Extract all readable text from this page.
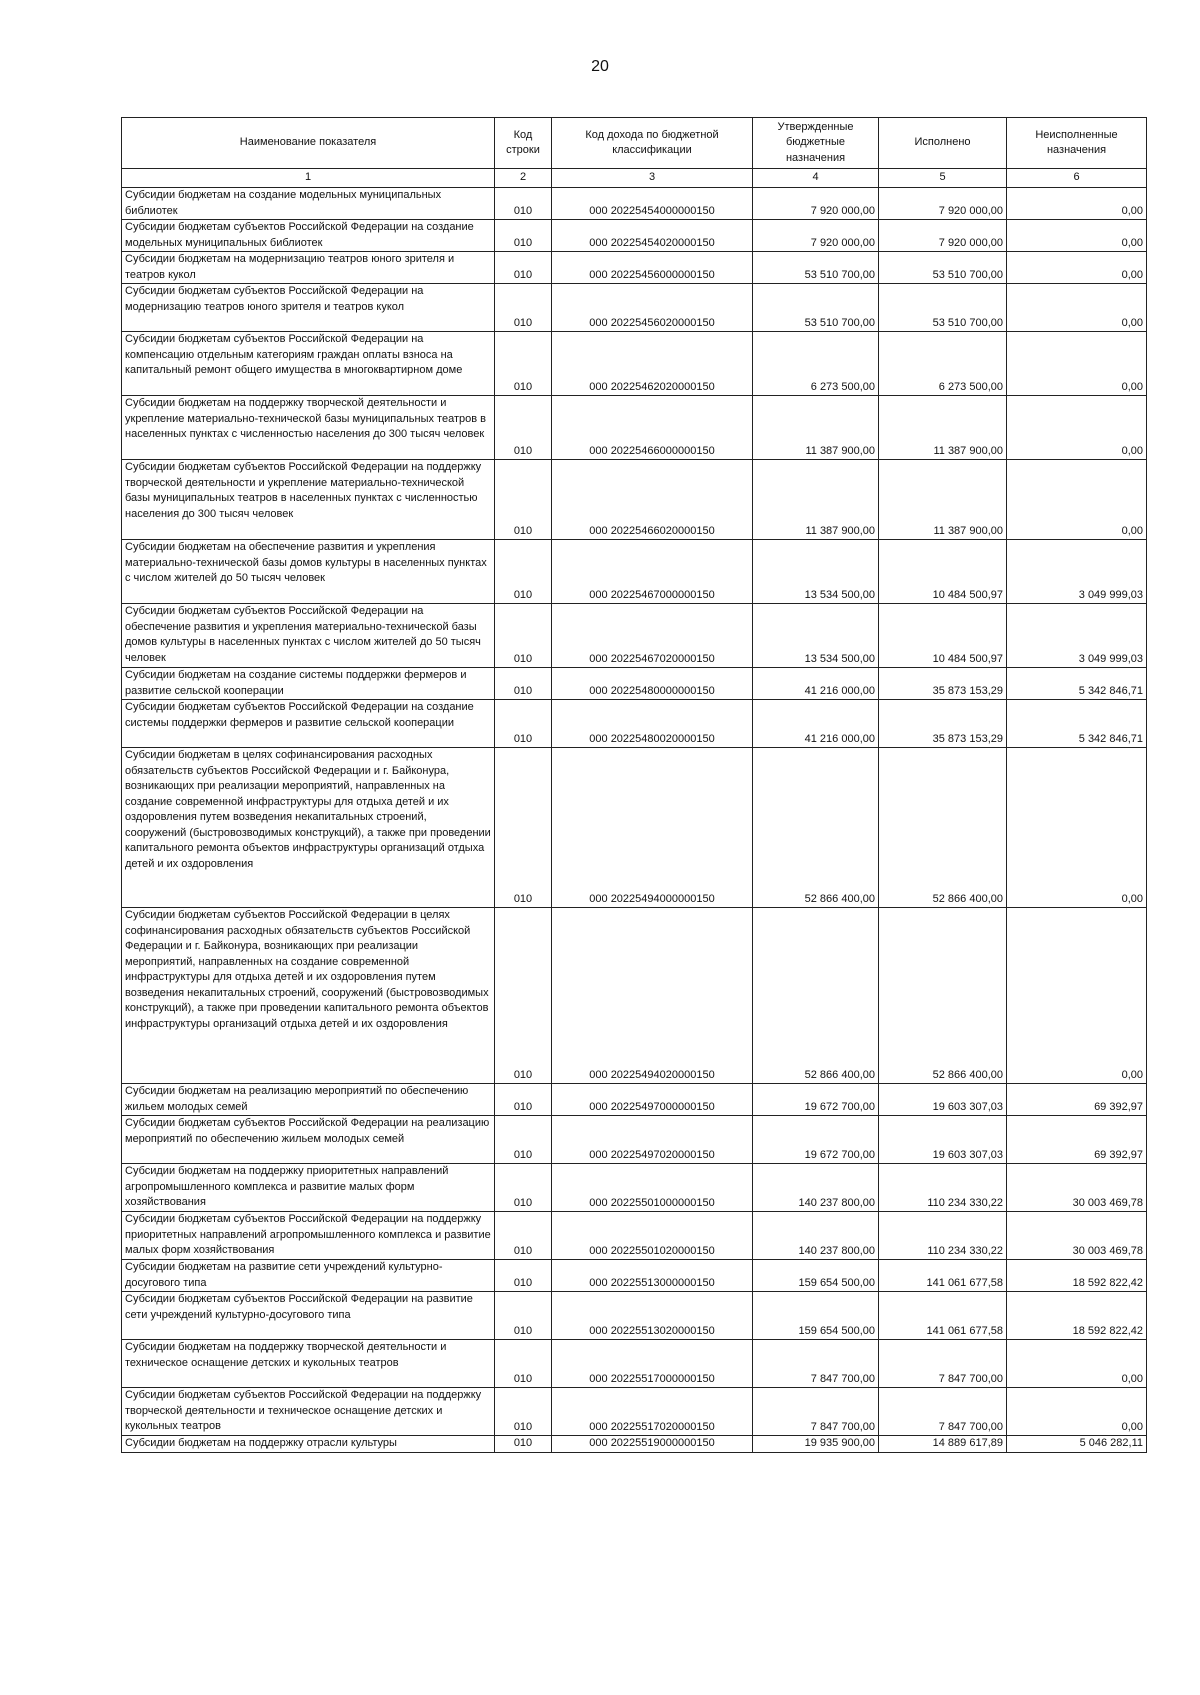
20
Наименование показателя	Код строки	Код дохода по бюджетной классификации	Утвержденные бюджетные назначения	Исполнено	Неисполненные назначения
1	2	3	4	5	6
Субсидии бюджетам на создание модельных муниципальных библиотек	010	000 20225454000000150	7 920 000,00	7 920 000,00	0,00
Субсидии бюджетам субъектов Российской Федерации на создание модельных муниципальных библиотек	010	000 20225454020000150	7 920 000,00	7 920 000,00	0,00
Субсидии бюджетам на модернизацию театров юного зрителя и театров кукол	010	000 20225456000000150	53 510 700,00	53 510 700,00	0,00
Субсидии бюджетам субъектов Российской Федерации на модернизацию театров юного зрителя и театров кукол	010	000 20225456020000150	53 510 700,00	53 510 700,00	0,00
Субсидии бюджетам субъектов Российской Федерации на компенсацию отдельным категориям граждан оплаты взноса на капитальный ремонт общего имущества в многоквартирном доме	010	000 20225462020000150	6 273 500,00	6 273 500,00	0,00
Субсидии бюджетам на поддержку творческой деятельности и укрепление материально-технической базы муниципальных театров в населенных пунктах с численностью населения до 300 тысяч человек	010	000 20225466000000150	11 387 900,00	11 387 900,00	0,00
Субсидии бюджетам субъектов Российской Федерации на поддержку творческой деятельности и укрепление материально-технической базы муниципальных театров в населенных пунктах с численностью населения до 300 тысяч человек	010	000 20225466020000150	11 387 900,00	11 387 900,00	0,00
Субсидии бюджетам на обеспечение развития и укрепления материально-технической базы домов культуры в населенных пунктах с числом жителей до 50 тысяч человек	010	000 20225467000000150	13 534 500,00	10 484 500,97	3 049 999,03
Субсидии бюджетам субъектов Российской Федерации на обеспечение развития и укрепления материально-технической базы домов культуры в населенных пунктах с числом жителей до 50 тысяч человек	010	000 20225467020000150	13 534 500,00	10 484 500,97	3 049 999,03
Субсидии бюджетам на создание системы поддержки фермеров и развитие сельской кооперации	010	000 20225480000000150	41 216 000,00	35 873 153,29	5 342 846,71
Субсидии бюджетам субъектов Российской Федерации на создание системы поддержки фермеров и развитие сельской кооперации	010	000 20225480020000150	41 216 000,00	35 873 153,29	5 342 846,71
Субсидии бюджетам в целях софинансирования расходных обязательств субъектов Российской Федерации и г. Байконура, возникающих при реализации мероприятий, направленных на создание современной инфраструктуры для отдыха детей и их оздоровления путем возведения некапитальных строений, сооружений (быстровозводимых конструкций), а также при проведении капитального ремонта объектов инфраструктуры организаций отдыха детей и их оздоровления	010	000 20225494000000150	52 866 400,00	52 866 400,00	0,00
Субсидии бюджетам субъектов Российской Федерации в целях софинансирования расходных обязательств субъектов Российской Федерации и г. Байконура, возникающих при реализации мероприятий, направленных на создание современной инфраструктуры для отдыха детей и их оздоровления путем возведения некапитальных строений, сооружений (быстровозводимых конструкций), а также при проведении капитального ремонта объектов инфраструктуры организаций отдыха детей и их оздоровления	010	000 20225494020000150	52 866 400,00	52 866 400,00	0,00
Субсидии бюджетам на реализацию мероприятий по обеспечению жильем молодых семей	010	000 20225497000000150	19 672 700,00	19 603 307,03	69 392,97
Субсидии бюджетам субъектов Российской Федерации на реализацию мероприятий по обеспечению жильем молодых семей	010	000 20225497020000150	19 672 700,00	19 603 307,03	69 392,97
Субсидии бюджетам на поддержку приоритетных направлений агропромышленного комплекса и развитие малых форм хозяйствования	010	000 20225501000000150	140 237 800,00	110 234 330,22	30 003 469,78
Субсидии бюджетам субъектов Российской Федерации на поддержку приоритетных направлений агропромышленного комплекса и развитие малых форм хозяйствования	010	000 20225501020000150	140 237 800,00	110 234 330,22	30 003 469,78
Субсидии бюджетам на развитие сети учреждений культурно-досугового типа	010	000 20225513000000150	159 654 500,00	141 061 677,58	18 592 822,42
Субсидии бюджетам субъектов Российской Федерации на развитие сети учреждений культурно-досугового типа	010	000 20225513020000150	159 654 500,00	141 061 677,58	18 592 822,42
Субсидии бюджетам на поддержку творческой деятельности и техническое оснащение детских и кукольных театров	010	000 20225517000000150	7 847 700,00	7 847 700,00	0,00
Субсидии бюджетам субъектов Российской Федерации на поддержку творческой деятельности и техническое оснащение детских и кукольных театров	010	000 20225517020000150	7 847 700,00	7 847 700,00	0,00
Субсидии бюджетам на поддержку отрасли культуры	010	000 20225519000000150	19 935 900,00	14 889 617,89	5 046 282,11
